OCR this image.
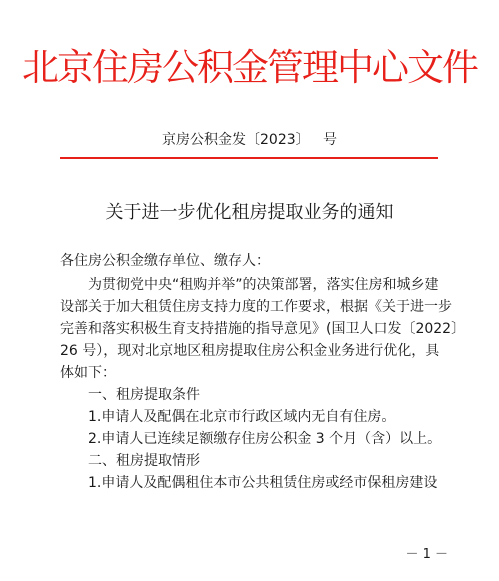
北京住房公积金管理中心文件
京房公积金发〔2023〕   号
关于进一步优化租房提取业务的通知
各住房公积金缴存单位、缴存人：
为贯彻党中央“租购并举”的决策部署，落实住房和城乡建
设部关于加大租赁住房支持力度的工作要求，根据《关于进一步
完善和落实积极生育支持措施的指导意见》(国卫人口发〔2022〕
26 号），现对北京地区租房提取住房公积金业务进行优化，具
体如下：
一、租房提取条件
1.申请人及配偶在北京市行政区域内无自有住房。
2.申请人已连续足额缴存住房公积金 3 个月（含）以上。
二、租房提取情形
1.申请人及配偶租住本市公共租赁住房或经市保租房建设
－ 1 －
